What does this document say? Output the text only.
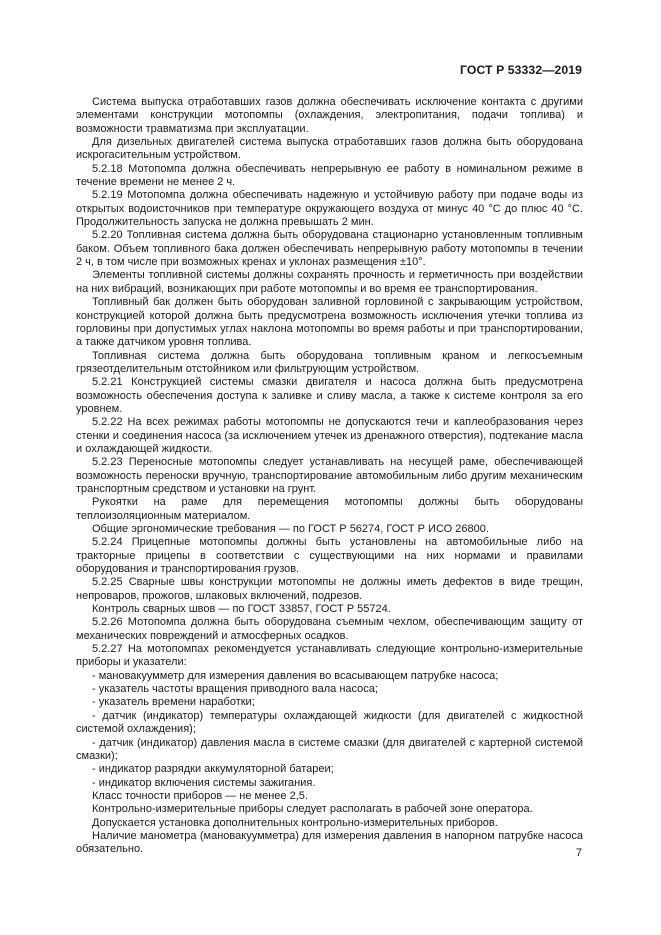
ГОСТ Р 53332—2019

Система выпуска отработавших газов должна обеспечивать исключение контакта с другими элементами конструкции мотопомпы (охлаждения, электропитания, подачи топлива) и возможности травматизма при эксплуатации.

Для дизельных двигателей система выпуска отработавших газов должна быть оборудована искрогасительным устройством.

5.2.18 Мотопомпа должна обеспечивать непрерывную ее работу в номинальном режиме в течение времени не менее 2 ч.

5.2.19 Мотопомпа должна обеспечивать надежную и устойчивую работу при подаче воды из открытых водоисточников при температуре окружающего воздуха от минус 40 °С до плюс 40 °С. Продолжительность запуска не должна превышать 2 мин.

5.2.20 Топливная система должна быть оборудована стационарно установленным топливным баком. Объем топливного бака должен обеспечивать непрерывную работу мотопомпы в течении 2 ч, в том числе при возможных кренах и уклонах размещения ±10°.

Элементы топливной системы должны сохранять прочность и герметичность при воздействии на них вибраций, возникающих при работе мотопомпы и во время ее транспортирования.

Топливный бак должен быть оборудован заливной горловиной с закрывающим устройством, конструкцией которой должна быть предусмотрена возможность исключения утечки топлива из горловины при допустимых углах наклона мотопомпы во время работы и при транспортировании, а также датчиком уровня топлива.

Топливная система должна быть оборудована топливным краном и легкосъемным грязеотделительным отстойником или фильтрующим устройством.

5.2.21 Конструкцией системы смазки двигателя и насоса должна быть предусмотрена возможность обеспечения доступа к заливке и сливу масла, а также к системе контроля за его уровнем.

5.2.22 На всех режимах работы мотопомпы не допускаются течи и каплеобразования через стенки и соединения насоса (за исключением утечек из дренажного отверстия), подтекание масла и охлаждающей жидкости.

5.2.23 Переносные мотопомпы следует устанавливать на несущей раме, обеспечивающей возможность переноски вручную, транспортирование автомобильным либо другим механическим транспортным средством и установки на грунт.

Рукоятки на раме для перемещения мотопомпы должны быть оборудованы теплоизоляционным материалом.

Общие эргономические требования — по ГОСТ Р 56274, ГОСТ Р ИСО 26800.

5.2.24 Прицепные мотопомпы должны быть установлены на автомобильные либо на тракторные прицепы в соответствии с существующими на них нормами и правилами оборудования и транспортирования грузов.

5.2.25 Сварные швы конструкции мотопомпы не должны иметь дефектов в виде трещин, непроваров, прожогов, шлаковых включений, подрезов.

Контроль сварных швов — по ГОСТ 33857, ГОСТ Р 55724.

5.2.26 Мотопомпа должна быть оборудована съемным чехлом, обеспечивающим защиту от механических повреждений и атмосферных осадков.

5.2.27 На мотопомпах рекомендуется устанавливать следующие контрольно-измерительные приборы и указатели:

- мановакуумметр для измерения давления во всасывающем патрубке насоса;

- указатель частоты вращения приводного вала насоса;

- указатель времени наработки;

- датчик (индикатор) температуры охлаждающей жидкости (для двигателей с жидкостной системой охлаждения);

- датчик (индикатор) давления масла в системе смазки (для двигателей с картерной системой смазки);

- индикатор разрядки аккумуляторной батареи;

- индикатор включения системы зажигания.

Класс точности приборов — не менее 2,5.

Контрольно-измерительные приборы следует располагать в рабочей зоне оператора.

Допускается установка дополнительных контрольно-измерительных приборов.

Наличие манометра (мановакуумметра) для измерения давления в напорном патрубке насоса обязательно.	7
